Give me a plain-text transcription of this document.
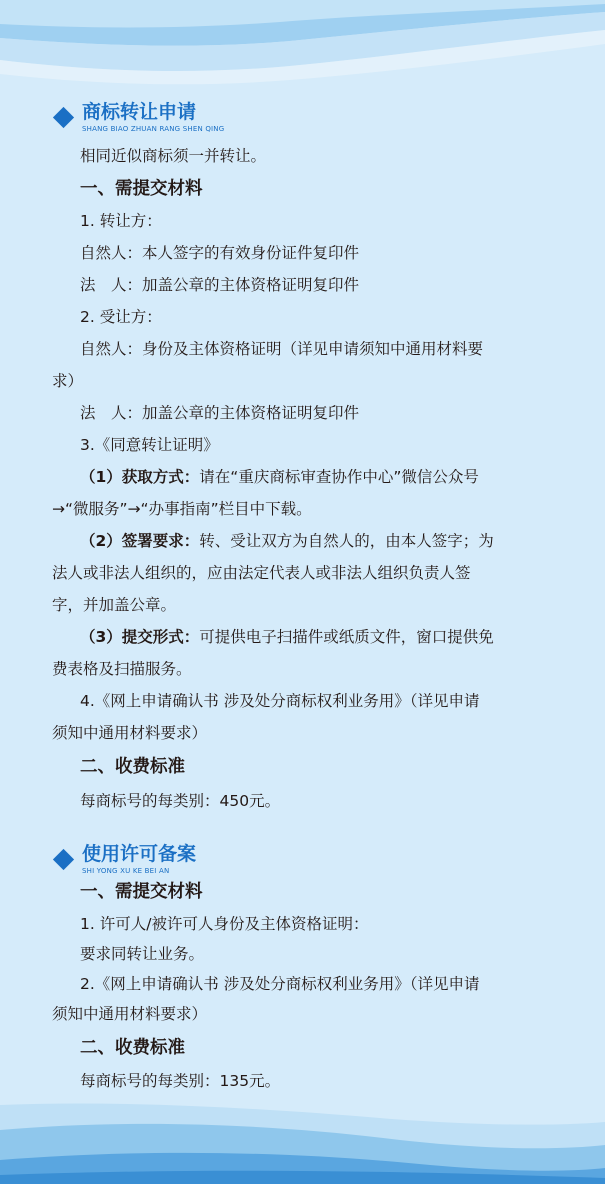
商标转让申请
SHANG BIAO ZHUAN RANG SHEN QING
相同近似商标须一并转让。
一、需提交材料
1. 转让方：
自然人：本人签字的有效身份证件复印件
法　人：加盖公章的主体资格证明复印件
2. 受让方：
自然人：身份及主体资格证明（详见申请须知中通用材料要
求）
法　人：加盖公章的主体资格证明复印件
3.《同意转让证明》
（1）获取方式：请在“重庆商标审查协作中心”微信公众号
→“微服务”→“办事指南”栏目中下载。
（2）签署要求：转、受让双方为自然人的，由本人签字；为
法人或非法人组织的，应由法定代表人或非法人组织负责人签
字，并加盖公章。
（3）提交形式：可提供电子扫描件或纸质文件，窗口提供免
费表格及扫描服务。
4.《网上申请确认书 涉及处分商标权利业务用》（详见申请
须知中通用材料要求）
二、收费标准
每商标号的每类别：450元。
使用许可备案
SHI YONG XU KE BEI AN
一、需提交材料
1. 许可人/被许可人身份及主体资格证明：
要求同转让业务。
2.《网上申请确认书 涉及处分商标权利业务用》（详见申请
须知中通用材料要求）
二、收费标准
每商标号的每类别：135元。
